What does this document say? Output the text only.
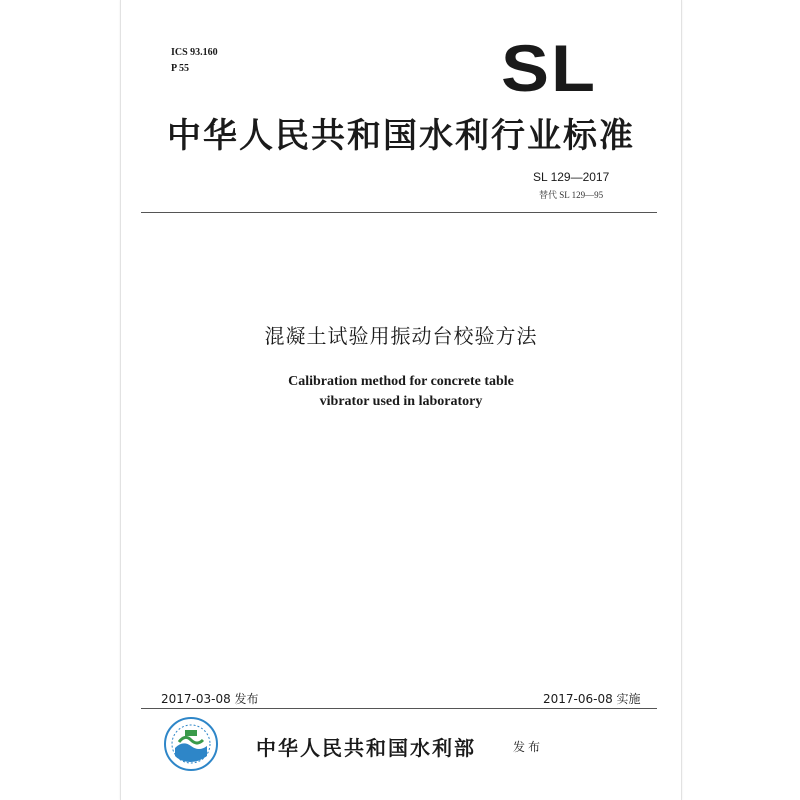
ICS 93.160
P 55	SL
中华人民共和国水利行业标准
SL 129—2017
替代 SL 129—95
混凝土试验用振动台校验方法
Calibration method for concrete table
vibrator used in laboratory
2017-03-08 发布	2017-06-08 实施
中华人民共和国水利部	发布
